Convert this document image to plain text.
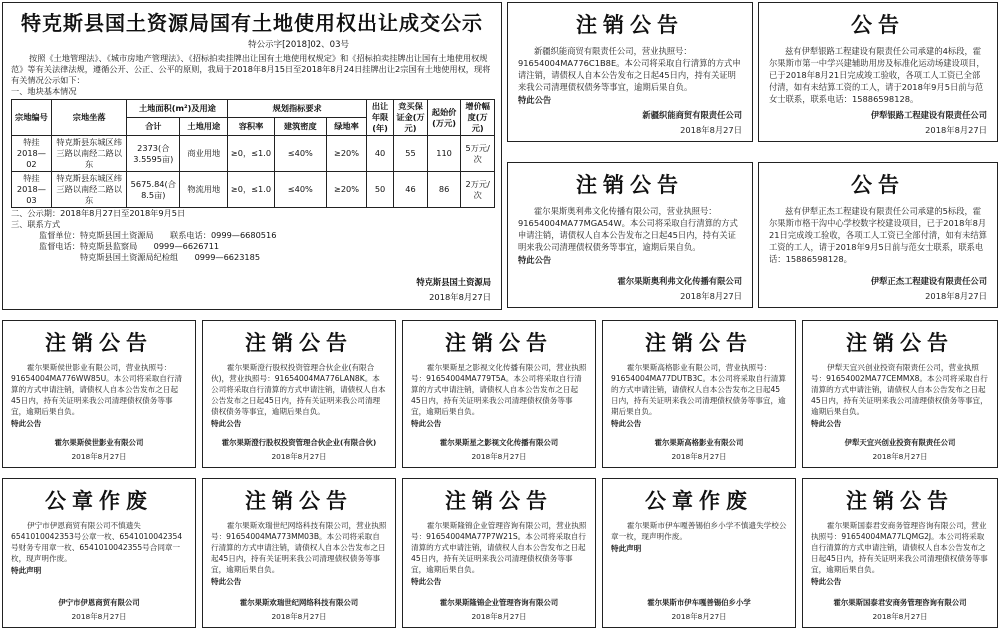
特克斯县国土资源局国有土地使用权出让成交公示
特公示字[2018]02、03号
按照《土地管理法》、《城市房地产管理法》、《招标拍卖挂牌出让国有土地使用权规定》和《招标拍卖挂牌出让国有土地使用权规范》等有关法律法规，遵循公开、公正、公平的原则，我局于2018年8月15日至2018年8月24日挂牌出让2宗国有土地使用权，现将有关情况公示如下：
一、地块基本情况
宗地编号	宗地坐落	土地面积(m²)及用途		规划指标要求			出让年限(年)	竞买保证金(万元)	起始价(万元)	增价幅度(万元)
		合计	土地用途	容积率	建筑密度	绿地率				
特挂2018—02	特克斯县东城区纬三路以南经二路以东	2373(合3.5595亩)	商业用地	≥0，≤1.0	≤40%	≥20%	40	55	110	5万元/次
特挂2018—03	特克斯县东城区纬三路以南经二路以东	5675.84(合8.5亩)	物流用地	≥0，≤1.0	≤40%	≥20%	50	46	86	2万元/次
二、公示期：2018年8月27日至2018年9月5日
三、联系方式
监督单位：特克斯县国土资源局　　联系电话：0999—6680516
监督电话：特克斯县监察局　　0999—6626711
　　　　　特克斯县国土资源局纪检组　　0999—6623185
特克斯县国土资源局
2018年8月27日
注销公告
新疆织能商贸有限责任公司，营业执照号：91654004MA776C1B8E。本公司将采取自行清算的方式申请注销，请债权人自本公告发布之日起45日内，持有关证明来我公司清理债权债务等事宜，逾期后果自负。
特此公告
新疆织能商贸有限责任公司
2018年8月27日
公告
兹有伊犁银路工程建设有限责任公司承建的4标段，霍尔果斯市第一中学兴建辅助用房及标准化运动场建设项目，已于2018年8月21日完成竣工验收，各项工人工资已全部付清，如有未结算工资的工人，请于2018年9月5日前与范女士联系，联系电话：15886598128。
伊犁银路工程建设有限责任公司
2018年8月27日
注销公告
霍尔果斯奥利弗文化传播有限公司，营业执照号：91654004MA77MGA54W。本公司将采取自行清算的方式申请注销，请债权人自本公告发布之日起45日内，持有关证明来我公司清理债权债务等事宜，逾期后果自负。
特此公告
霍尔果斯奥利弗文化传播有限公司
2018年8月27日
公告
兹有伊犁正杰工程建设有限责任公司承建的5标段，霍尔果斯市格干沟中心学校数字校建设项目，已于2018年8月21日完成竣工验收，各项工人工资已全部付清，如有未结算工资的工人，请于2018年9月5日前与范女士联系，联系电话：15886598128。
伊犁正杰工程建设有限责任公司
2018年8月27日
注销公告
霍尔果斯侯世影业有限公司，营业执照号：91654004MA776WW85U。本公司将采取自行清算的方式申请注销，请债权人自本公告发布之日起45日内，持有关证明来我公司清理债权债务等事宜，逾期后果自负。
特此公告
霍尔果斯侯世影业有限公司
2018年8月27日
注销公告
霍尔果斯澄行股权投资管理合伙企业(有限合伙)，营业执照号：91654004MA776LAN8K。本公司将采取自行清算的方式申请注销，请债权人自本公告发布之日起45日内，持有关证明来我公司清理债权债务等事宜，逾期后果自负。
特此公告
霍尔果斯澄行股权投资管理合伙企业(有限合伙)
2018年8月27日
注销公告
霍尔果斯星之影视文化传播有限公司，营业执照号：91654004MA779T5A。本公司将采取自行清算的方式申请注销，请债权人自本公告发布之日起45日内，持有关证明来我公司清理债权债务等事宜，逾期后果自负。
特此公告
霍尔果斯星之影视文化传播有限公司
2018年8月27日
注销公告
霍尔果斯高格影业有限公司，营业执照号：91654004MA77DUTB3C。本公司将采取自行清算的方式申请注销，请债权人自本公告发布之日起45日内，持有关证明来我公司清理债权债务等事宜，逾期后果自负。
特此公告
霍尔果斯高格影业有限公司
2018年8月27日
注销公告
伊犁天宜兴创业投资有限责任公司，营业执照号：91654002MA77CEMMX8。本公司将采取自行清算的方式申请注销，请债权人自本公告发布之日起45日内，持有关证明来我公司清理债权债务等事宜，逾期后果自负。
特此公告
伊犁天宜兴创业投资有限责任公司
2018年8月27日
公章作废
伊宁市伊恩商贸有限公司不慎遗失6541010042353号公章一枚、6541010042354号财务专用章一枚、6541010042355号合同章一枚，现声明作废。
特此声明
伊宁市伊恩商贸有限公司
2018年8月27日
注销公告
霍尔果斯欢瑞世纪网络科技有限公司，营业执照号：91654004MA773MM03B。本公司将采取自行清算的方式申请注销，请债权人自本公告发布之日起45日内，持有关证明来我公司清理债权债务等事宜，逾期后果自负。
特此公告
霍尔果斯欢瑞世纪网络科技有限公司
2018年8月27日
注销公告
霍尔果斯隆锦企业管理咨询有限公司，营业执照号：91654004MA77P7W21S。本公司将采取自行清算的方式申请注销，请债权人自本公告发布之日起45日内，持有关证明来我公司清理债权债务等事宜，逾期后果自负。
特此公告
霍尔果斯隆锦企业管理咨询有限公司
2018年8月27日
公章作废
霍尔果斯市伊车嘎善锡伯乡小学不慎遗失学校公章一枚，现声明作废。
特此声明
霍尔果斯市伊车嘎善锡伯乡小学
2018年8月27日
注销公告
霍尔果斯国泰君安商务管理咨询有限公司，营业执照号：91654004MA77LQMG2J。本公司将采取自行清算的方式申请注销，请债权人自本公告发布之日起45日内，持有关证明来我公司清理债权债务等事宜，逾期后果自负。
特此公告
霍尔果斯国泰君安商务管理咨询有限公司
2018年8月27日
